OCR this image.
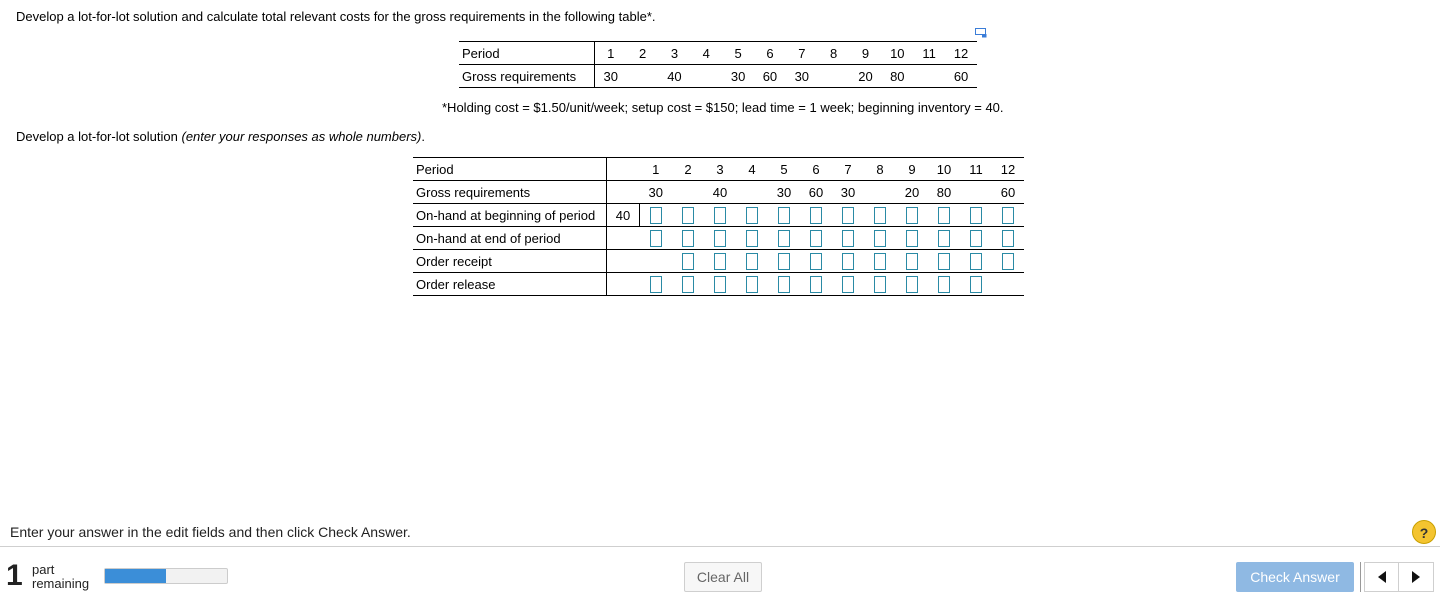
Develop a lot-for-lot solution and calculate total relevant costs for the gross requirements in the following table*.
Period	1	2	3	4	5	6	7	8	9	10	11	12
Gross requirements	30		40		30	60	30		20	80		60
*Holding cost = $1.50/unit/week; setup cost = $150; lead time = 1 week; beginning inventory = 40.
Develop a lot-for-lot solution (enter your responses as whole numbers).
Period		1	2	3	4	5	6	7	8	9	10	11	12
Gross requirements		30		40		30	60	30		20	80		60
On-hand at beginning of period	40												
On-hand at end of period													
Order receipt													
Order release													
Enter your answer in the edit fields and then click Check Answer.	?
1 part
remaining	Clear All	Check Answer
